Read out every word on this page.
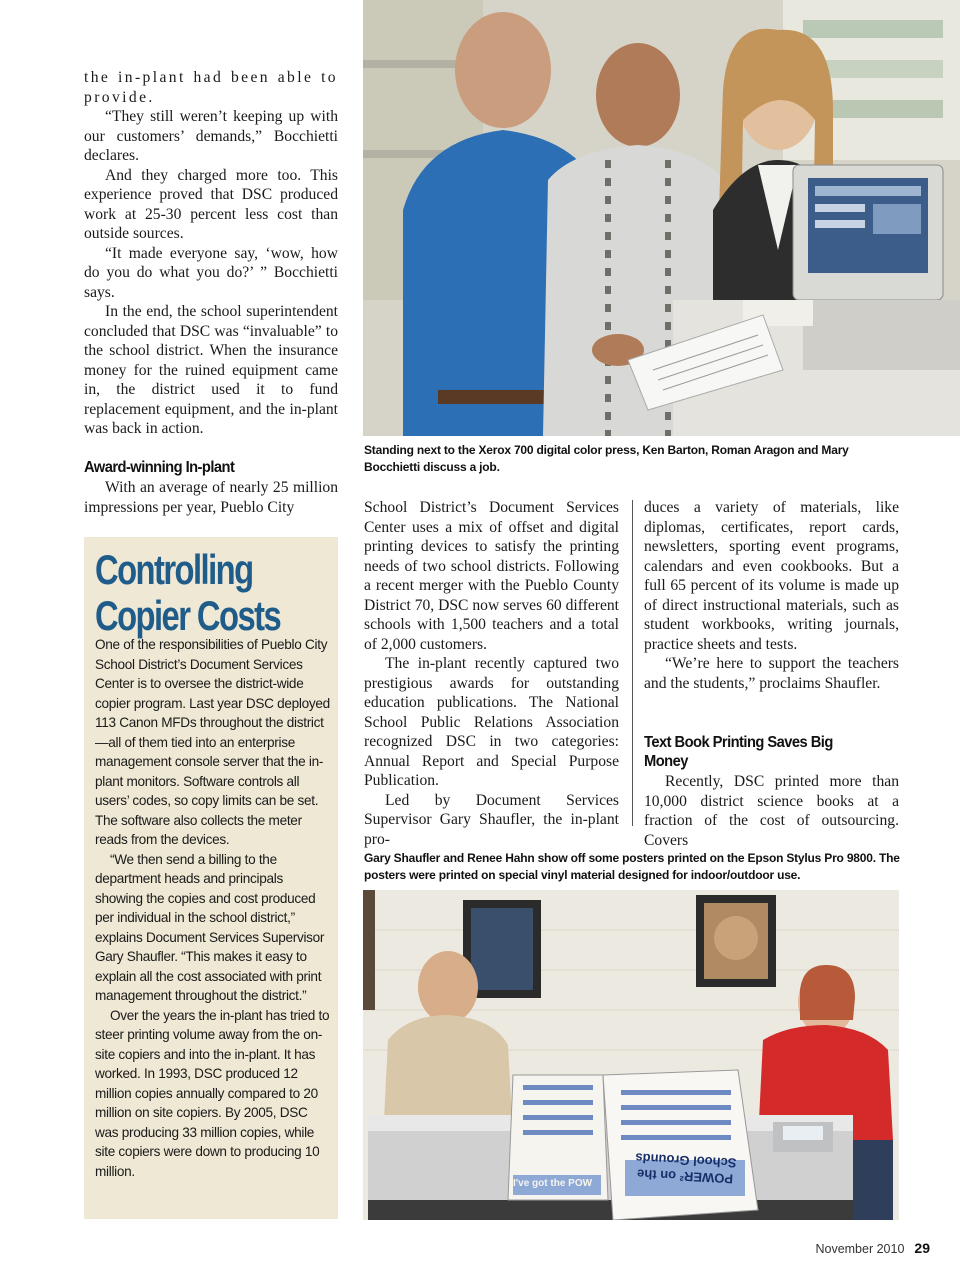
the in-plant had been able to provide.

“They still weren’t keeping up with our customers’ demands,” Bocchietti declares.

And they charged more too. This experience proved that DSC produced work at 25-30 percent less cost than outside sources.

“It made everyone say, ‘wow, how do you do what you do?’ ” Bocchietti says.

In the end, the school superintendent concluded that DSC was “invaluable” to the school district. When the insurance money for the ruined equipment came in, the district used it to fund replacement equipment, and the in-plant was back in action.

Award-winning In-plant

With an average of nearly 25 million impressions per year, Pueblo City

Controlling Copier Costs

One of the responsibilities of Pueblo City School District’s Document Services Center is to oversee the district-wide copier program. Last year DSC deployed 113 Canon MFDs throughout the district—all of them tied into an enterprise management console server that the in-plant monitors. Software controls all users’ codes, so copy limits can be set. The software also collects the meter reads from the devices.

“We then send a billing to the department heads and principals showing the copies and cost produced per individual in the school district,” explains Document Services Supervisor Gary Shaufler. “This makes it easy to explain all the cost associated with print management throughout the district.”

Over the years the in-plant has tried to steer printing volume away from the on-site copiers and into the in-plant. It has worked. In 1993, DSC produced 12 million copies annually compared to 20 million on site copiers. By 2005, DSC was producing 33 million copies, while site copiers were down to producing 10 million.

Standing next to the Xerox 700 digital color press, Ken Barton, Roman Aragon and Mary Bocchietti discuss a job.

School District’s Document Services Center uses a mix of offset and digital printing devices to satisfy the printing needs of two school districts. Following a recent merger with the Pueblo County District 70, DSC now serves 60 different schools with 1,500 teachers and a total of 2,000 customers.

The in-plant recently captured two prestigious awards for outstanding education publications. The National School Public Relations Association recognized DSC in two categories: Annual Report and Special Purpose Publication.

Led by Document Services Supervisor Gary Shaufler, the in-plant pro-

duces a variety of materials, like diplomas, certificates, report cards, newsletters, sporting event programs, calendars and even cookbooks. But a full 65 percent of its volume is made up of direct instructional materials, such as student workbooks, writing journals, practice sheets and tests.

“We’re here to support the teachers and the students,” proclaims Shaufler.

Text Book Printing Saves Big Money

Recently, DSC printed more than 10,000 district science books at a fraction of the cost of outsourcing. Covers

Gary Shaufler and Renee Hahn show off some posters printed on the Epson Stylus Pro 9800. The posters were printed on special vinyl material designed for indoor/outdoor use.
POWER² on the School Grounds
I've got the POW
November 2010 29
